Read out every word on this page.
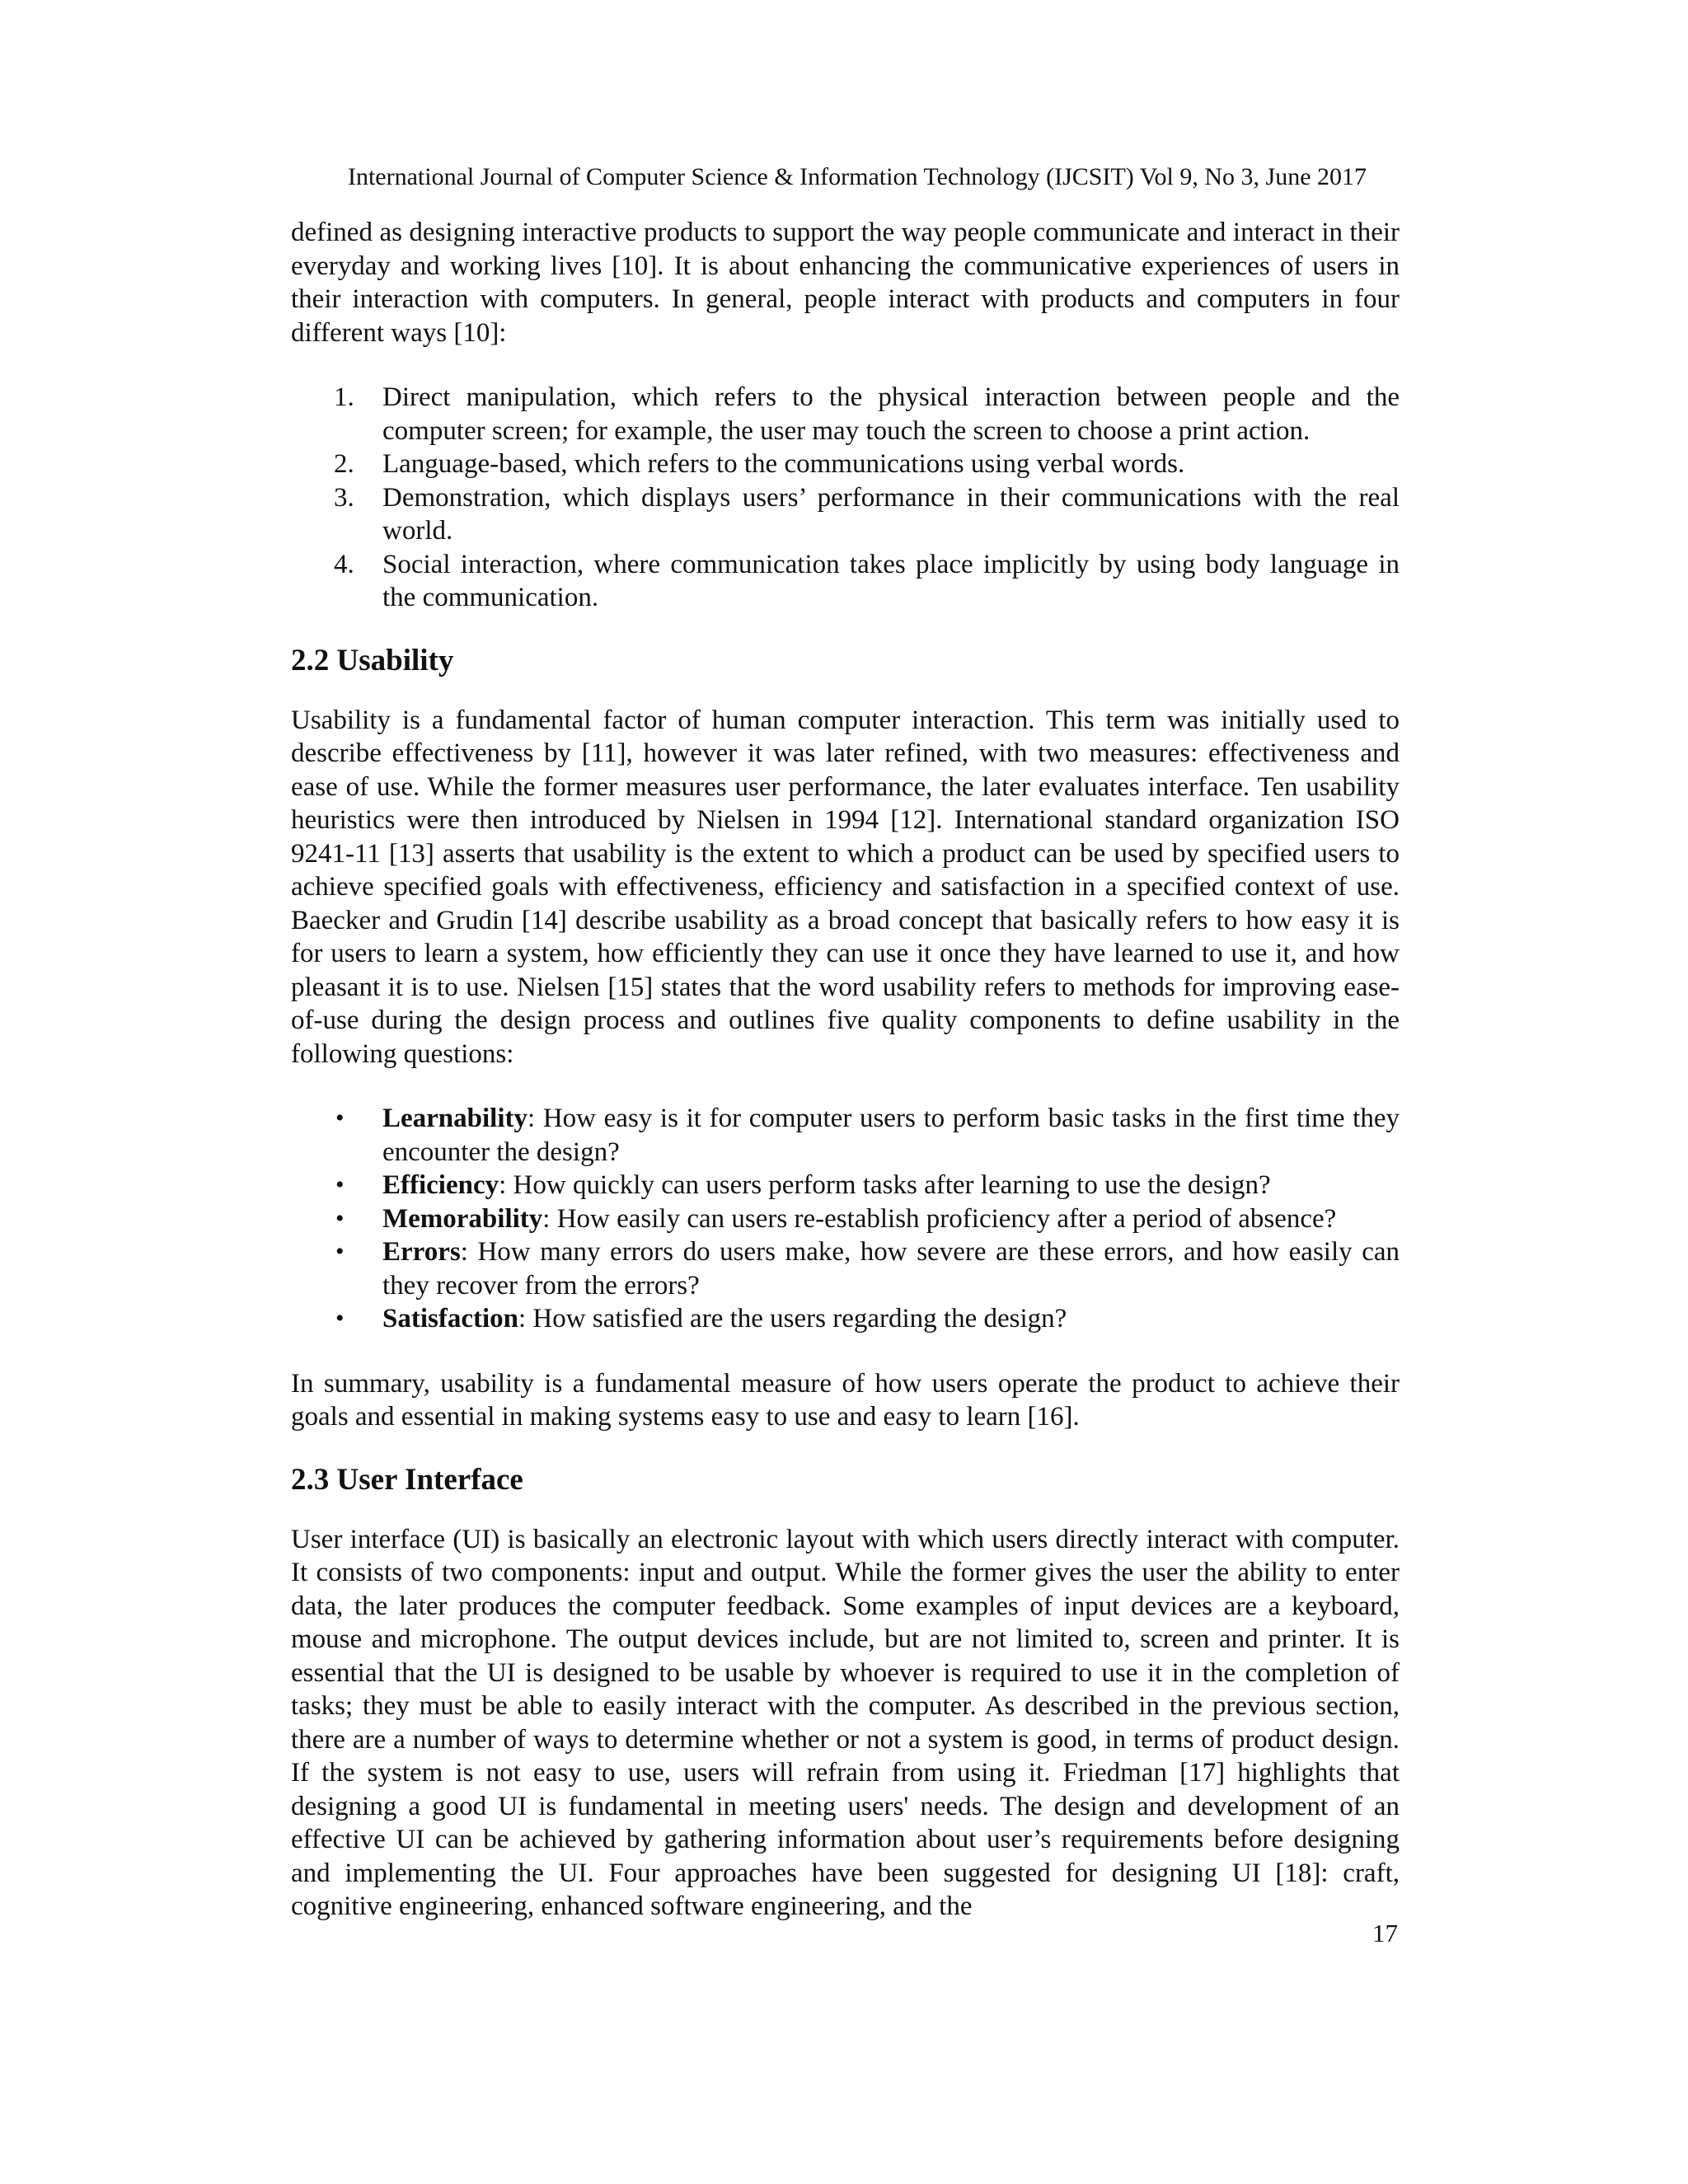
International Journal of Computer Science & Information Technology (IJCSIT) Vol 9, No 3, June 2017

defined as designing interactive products to support the way people communicate and interact in their everyday and working lives [10]. It is about enhancing the communicative experiences of users in their interaction with computers. In general, people interact with products and computers in four different ways [10]:

1. Direct manipulation, which refers to the physical interaction between people and the computer screen; for example, the user may touch the screen to choose a print action.
2. Language-based, which refers to the communications using verbal words.
3. Demonstration, which displays users’ performance in their communications with the real world.
4. Social interaction, where communication takes place implicitly by using body language in the communication.
2.2 Usability

Usability is a fundamental factor of human computer interaction. This term was initially used to describe effectiveness by [11], however it was later refined, with two measures: effectiveness and ease of use. While the former measures user performance, the later evaluates interface. Ten usability heuristics were then introduced by Nielsen in 1994 [12]. International standard organization ISO 9241-11 [13] asserts that usability is the extent to which a product can be used by specified users to achieve specified goals with effectiveness, efficiency and satisfaction in a specified context of use. Baecker and Grudin [14] describe usability as a broad concept that basically refers to how easy it is for users to learn a system, how efficiently they can use it once they have learned to use it, and how pleasant it is to use. Nielsen [15] states that the word usability refers to methods for improving ease-of-use during the design process and outlines five quality components to define usability in the following questions:

• Learnability: How easy is it for computer users to perform basic tasks in the first time they encounter the design?
• Efficiency: How quickly can users perform tasks after learning to use the design?
• Memorability: How easily can users re-establish proficiency after a period of absence?
• Errors: How many errors do users make, how severe are these errors, and how easily can they recover from the errors?
• Satisfaction: How satisfied are the users regarding the design?

In summary, usability is a fundamental measure of how users operate the product to achieve their goals and essential in making systems easy to use and easy to learn [16].

2.3 User Interface

User interface (UI) is basically an electronic layout with which users directly interact with computer. It consists of two components: input and output. While the former gives the user the ability to enter data, the later produces the computer feedback. Some examples of input devices are a keyboard, mouse and microphone. The output devices include, but are not limited to, screen and printer. It is essential that the UI is designed to be usable by whoever is required to use it in the completion of tasks; they must be able to easily interact with the computer. As described in the previous section, there are a number of ways to determine whether or not a system is good, in terms of product design. If the system is not easy to use, users will refrain from using it. Friedman [17] highlights that designing a good UI is fundamental in meeting users' needs. The design and development of an effective UI can be achieved by gathering information about user’s requirements before designing and implementing the UI. Four approaches have been suggested for designing UI [18]: craft, cognitive engineering, enhanced software engineering, and the

17
